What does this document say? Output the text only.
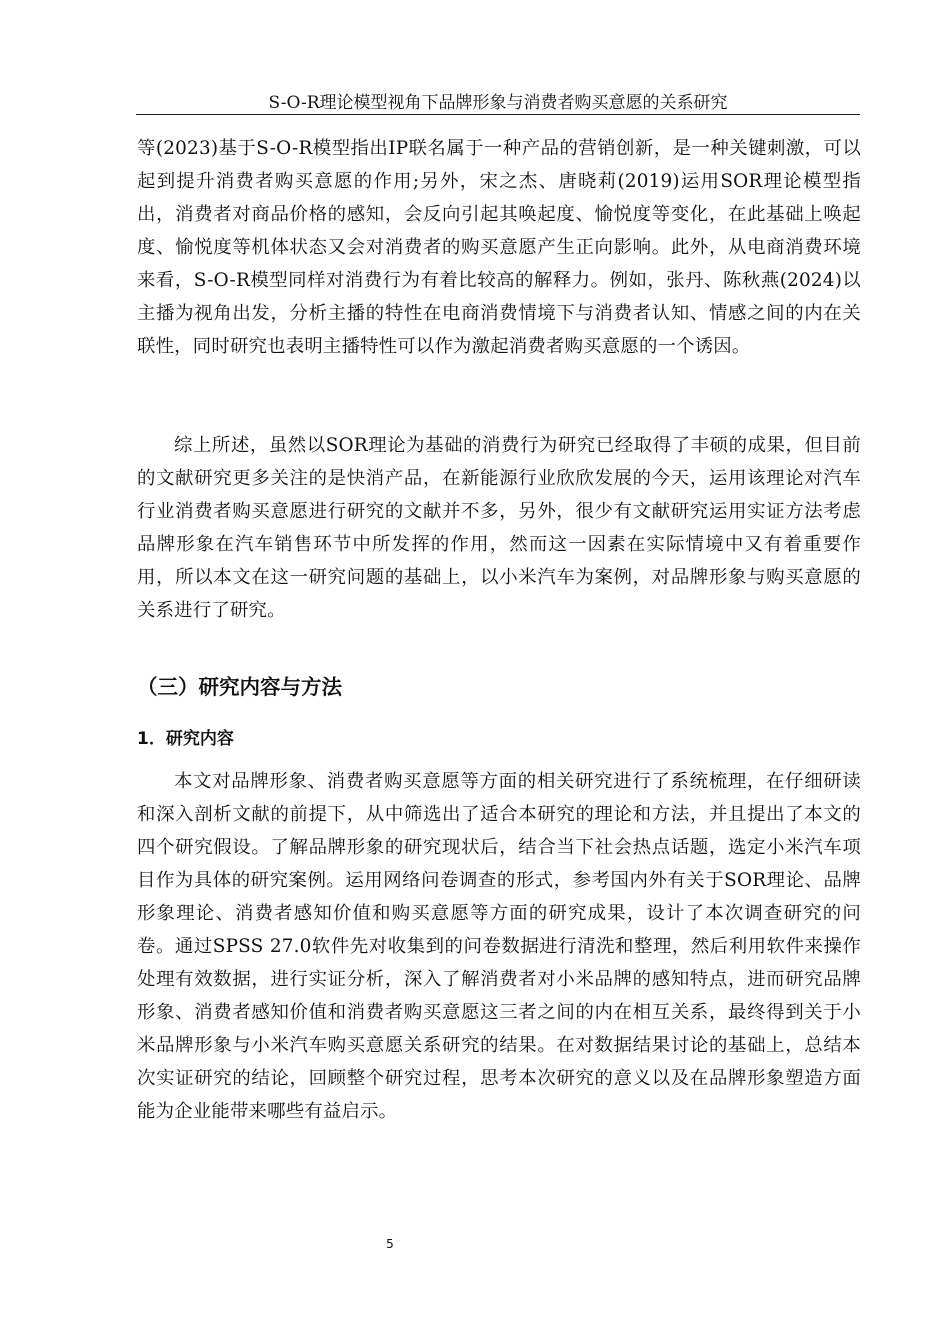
S-O-R理论模型视角下品牌形象与消费者购买意愿的关系研究

等(2023)基于S-O-R模型指出IP联名属于一种产品的营销创新，是一种关键刺激，可以起到提升消费者购买意愿的作用;另外，宋之杰、唐晓莉(2019)运用SOR理论模型指出，消费者对商品价格的感知，会反向引起其唤起度、愉悦度等变化，在此基础上唤起度、愉悦度等机体状态又会对消费者的购买意愿产生正向影响。此外，从电商消费环境来看，S-O-R模型同样对消费行为有着比较高的解释力。例如，张丹、陈秋燕(2024)以主播为视角出发，分析主播的特性在电商消费情境下与消费者认知、情感之间的内在关联性，同时研究也表明主播特性可以作为激起消费者购买意愿的一个诱因。

综上所述，虽然以SOR理论为基础的消费行为研究已经取得了丰硕的成果，但目前的文献研究更多关注的是快消产品，在新能源行业欣欣发展的今天，运用该理论对汽车行业消费者购买意愿进行研究的文献并不多，另外，很少有文献研究运用实证方法考虑品牌形象在汽车销售环节中所发挥的作用，然而这一因素在实际情境中又有着重要作用，所以本文在这一研究问题的基础上，以小米汽车为案例，对品牌形象与购买意愿的关系进行了研究。

（三）研究内容与方法
1．研究内容

本文对品牌形象、消费者购买意愿等方面的相关研究进行了系统梳理，在仔细研读和深入剖析文献的前提下，从中筛选出了适合本研究的理论和方法，并且提出了本文的四个研究假设。了解品牌形象的研究现状后，结合当下社会热点话题，选定小米汽车项目作为具体的研究案例。运用网络问卷调查的形式，参考国内外有关于SOR理论、品牌形象理论、消费者感知价值和购买意愿等方面的研究成果，设计了本次调查研究的问卷。通过SPSS 27.0软件先对收集到的问卷数据进行清洗和整理，然后利用软件来操作处理有效数据，进行实证分析，深入了解消费者对小米品牌的感知特点，进而研究品牌形象、消费者感知价值和消费者购买意愿这三者之间的内在相互关系，最终得到关于小米品牌形象与小米汽车购买意愿关系研究的结果。在对数据结果讨论的基础上，总结本次实证研究的结论，回顾整个研究过程，思考本次研究的意义以及在品牌形象塑造方面能为企业能带来哪些有益启示。

5
